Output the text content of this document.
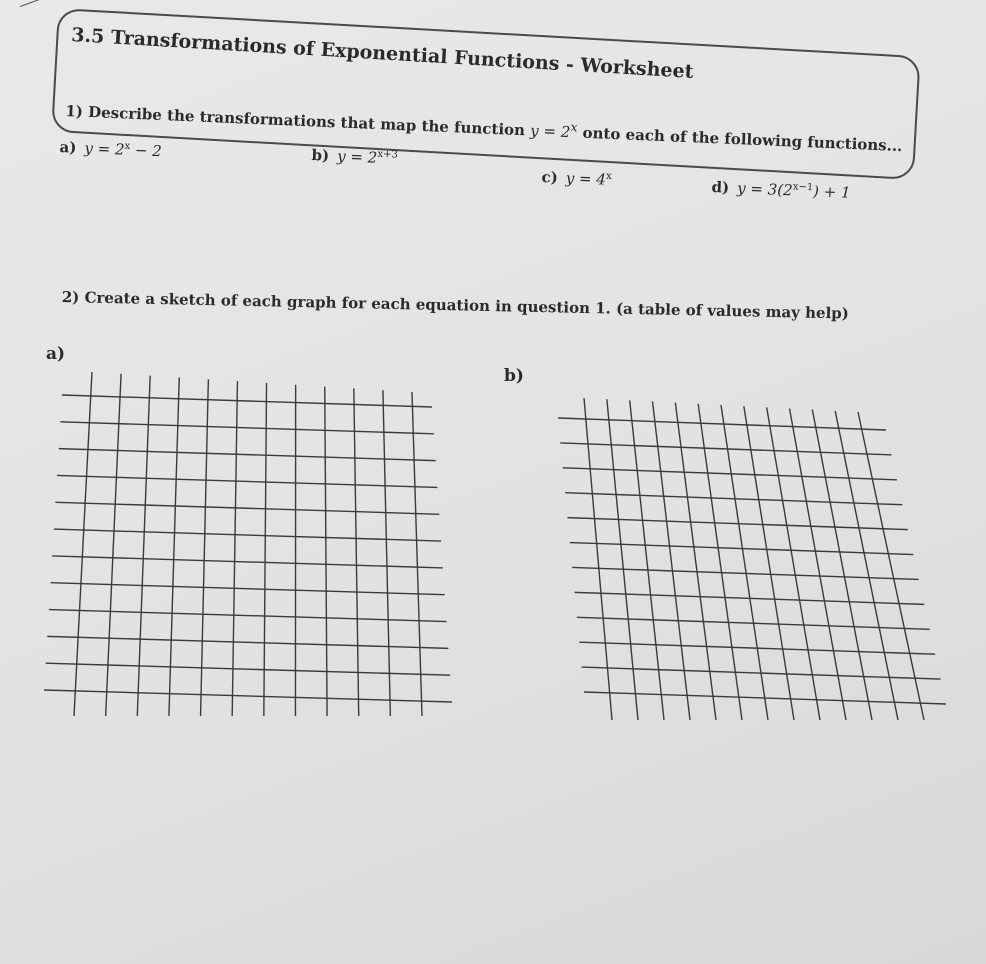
3.5 Transformations of Exponential Functions - Worksheet
1) Describe the transformations that map the function $y = 2^x$ onto each of the following functions...
a) $y = 2^x - 2$	b) $y = 2^{x+3}$
c) $y = 4^x$
d) $y = 3(2^{x-1}) + 1$
2) Create a sketch of each graph for each equation in question 1. (a table of values may help)
a)
b)
